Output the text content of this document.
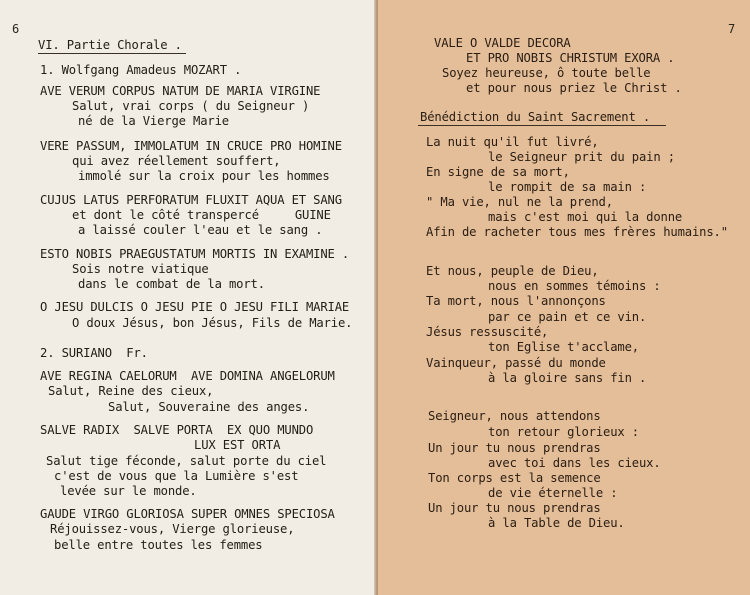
6
VI. Partie Chorale .
1. Wolfgang Amadeus MOZART .
AVE VERUM CORPUS NATUM DE MARIA VIRGINE
Salut, vrai corps ( du Seigneur )
né de la Vierge Marie
VERE PASSUM, IMMOLATUM IN CRUCE PRO HOMINE
qui avez réellement souffert,
immolé sur la croix pour les hommes
CUJUS LATUS PERFORATUM FLUXIT AQUA ET SANG
et dont le côté transpercé     GUINE
a laissé couler l'eau et le sang .
ESTO NOBIS PRAEGUSTATUM MORTIS IN EXAMINE .
Sois notre viatique
dans le combat de la mort.
O JESU DULCIS O JESU PIE O JESU FILI MARIAE
O doux Jésus, bon Jésus, Fils de Marie.
2. SURIANO  Fr.
AVE REGINA CAELORUM  AVE DOMINA ANGELORUM
Salut, Reine des cieux,
Salut, Souveraine des anges.
SALVE RADIX  SALVE PORTA  EX QUO MUNDO
LUX EST ORTA
Salut tige féconde, salut porte du ciel
c'est de vous que la Lumière s'est
levée sur le monde.
GAUDE VIRGO GLORIOSA SUPER OMNES SPECIOSA
Réjouissez-vous, Vierge glorieuse,
belle entre toutes les femmes
7
VALE O VALDE DECORA
ET PRO NOBIS CHRISTUM EXORA .
Soyez heureuse, ô toute belle
et pour nous priez le Christ .
Bénédiction du Saint Sacrement .
La nuit qu'il fut livré,
le Seigneur prit du pain ;
En signe de sa mort,
le rompit de sa main :
" Ma vie, nul ne la prend,
mais c'est moi qui la donne
Afin de racheter tous mes frères humains."
Et nous, peuple de Dieu,
nous en sommes témoins :
Ta mort, nous l'annonçons
par ce pain et ce vin.
Jésus ressuscité,
ton Eglise t'acclame,
Vainqueur, passé du monde
à la gloire sans fin .
Seigneur, nous attendons
ton retour glorieux :
Un jour tu nous prendras
avec toi dans les cieux.
Ton corps est la semence
de vie éternelle :
Un jour tu nous prendras
à la Table de Dieu.
